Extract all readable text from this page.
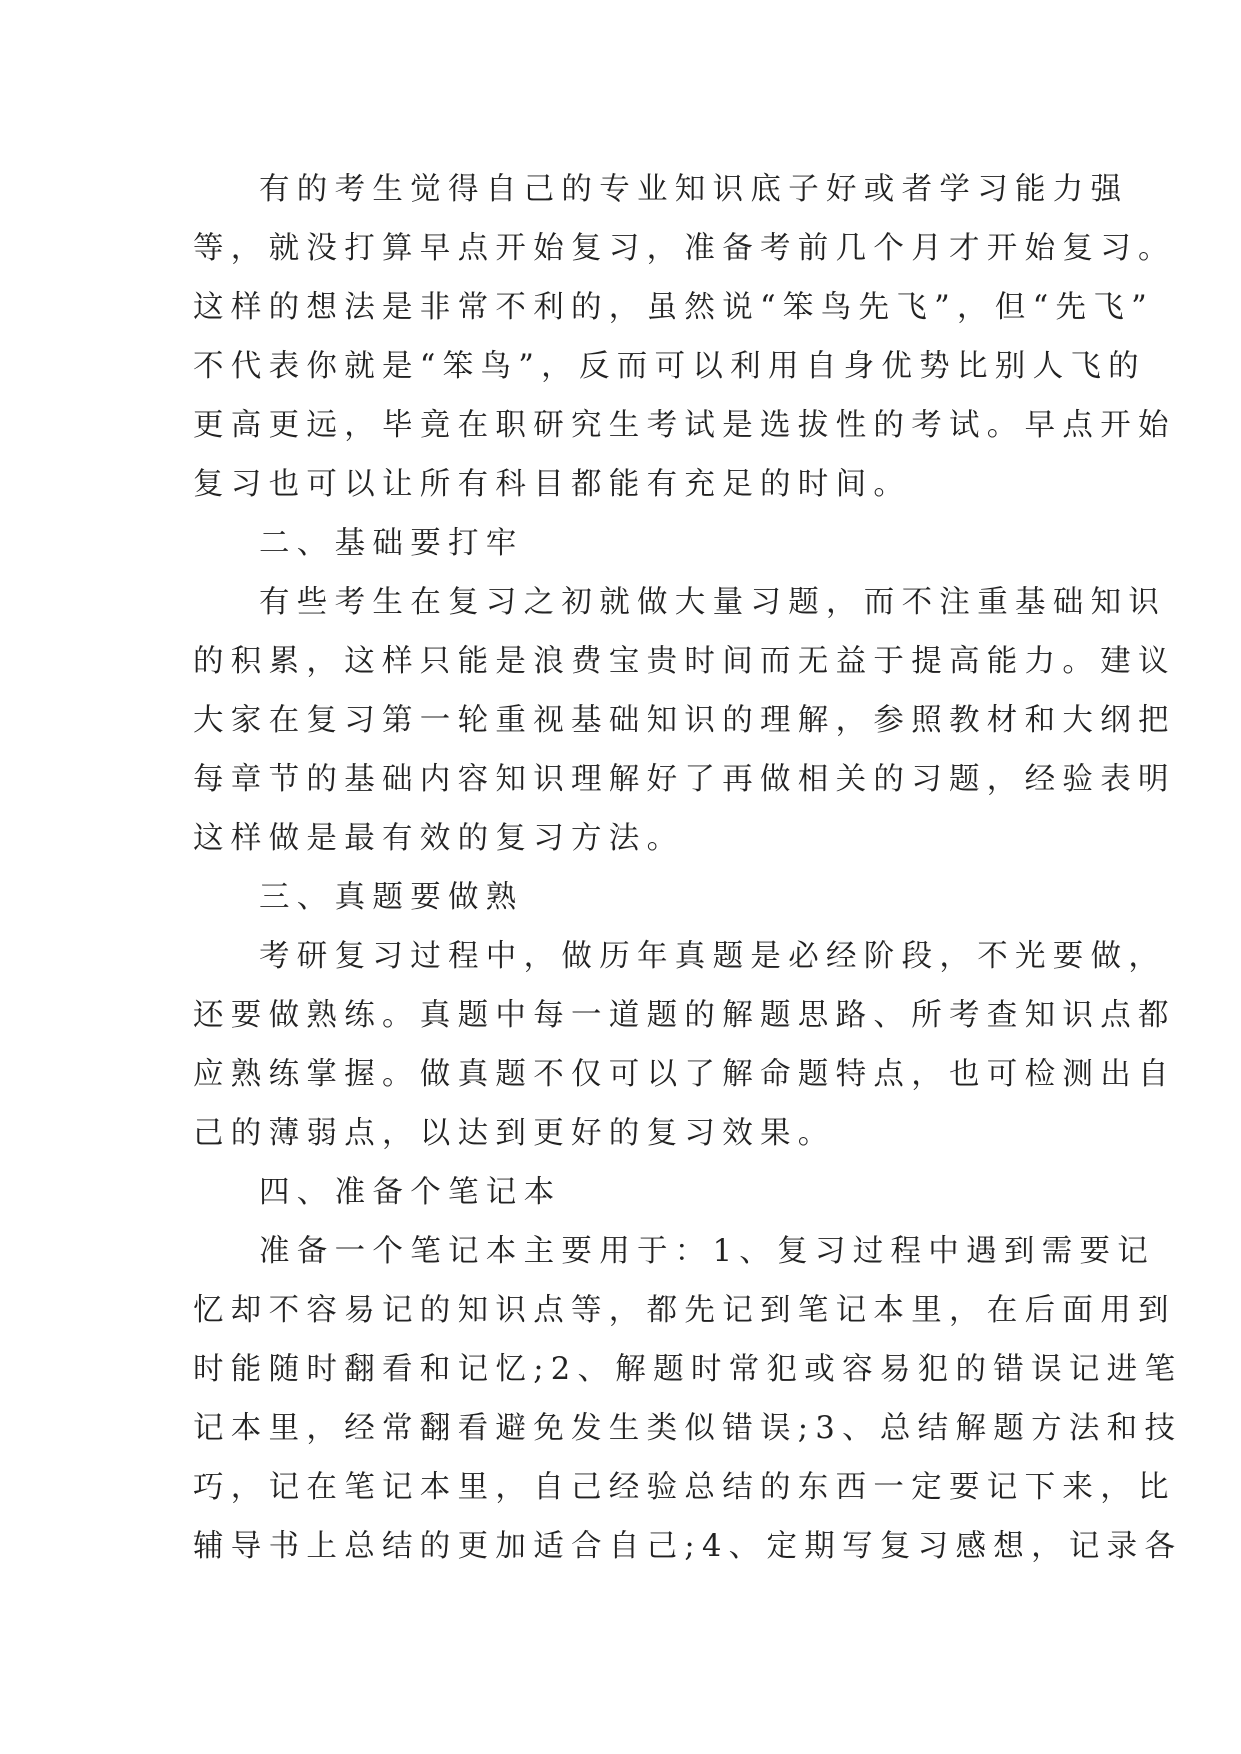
有的考生觉得自己的专业知识底子好或者学习能力强
等，就没打算早点开始复习，准备考前几个月才开始复习。
这样的想法是非常不利的，虽然说“笨鸟先飞”，但“先飞”
不代表你就是“笨鸟”，反而可以利用自身优势比别人飞的
更高更远，毕竟在职研究生考试是选拔性的考试。早点开始
复习也可以让所有科目都能有充足的时间。
二、基础要打牢
有些考生在复习之初就做大量习题，而不注重基础知识
的积累，这样只能是浪费宝贵时间而无益于提高能力。建议
大家在复习第一轮重视基础知识的理解，参照教材和大纲把
每章节的基础内容知识理解好了再做相关的习题，经验表明
这样做是最有效的复习方法。
三、真题要做熟
考研复习过程中，做历年真题是必经阶段，不光要做，
还要做熟练。真题中每一道题的解题思路、所考查知识点都
应熟练掌握。做真题不仅可以了解命题特点，也可检测出自
己的薄弱点，以达到更好的复习效果。
四、准备个笔记本
准备一个笔记本主要用于：1、复习过程中遇到需要记
忆却不容易记的知识点等，都先记到笔记本里，在后面用到
时能随时翻看和记忆;2、解题时常犯或容易犯的错误记进笔
记本里，经常翻看避免发生类似错误;3、总结解题方法和技
巧，记在笔记本里，自己经验总结的东西一定要记下来，比
辅导书上总结的更加适合自己;4、定期写复习感想，记录各
